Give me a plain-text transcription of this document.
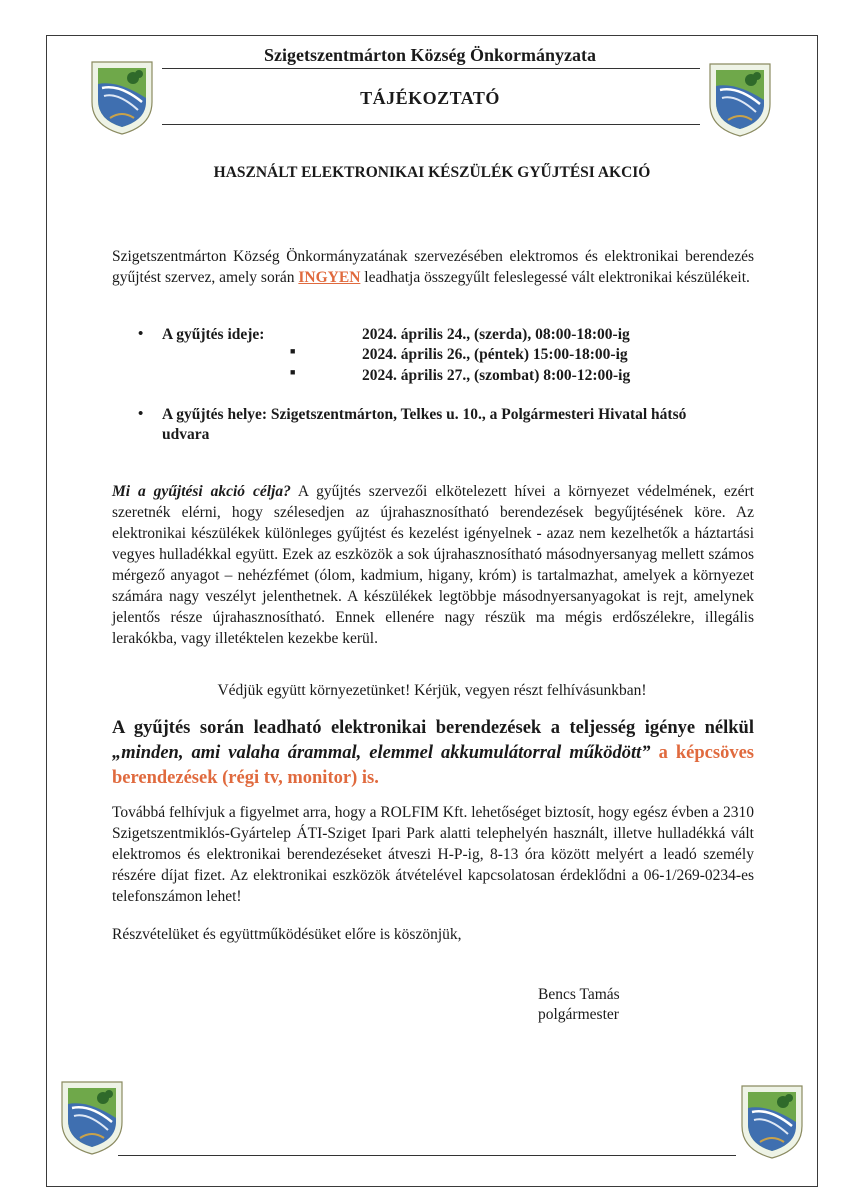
Szigetszentmárton Község Önkormányzata
TÁJÉKOZTATÓ
HASZNÁLT ELEKTRONIKAI KÉSZÜLÉK GYŰJTÉSI AKCIÓ

Szigetszentmárton Község Önkormányzatának szervezésében elektromos és elektronikai berendezés gyűjtést szervez, amely során INGYEN leadhatja összegyűlt feleslegessé vált elektronikai készülékeit.

• A gyűjtés ideje:	2024. április 24., (szerda), 08:00-18:00-ig
■	2024. április 26., (péntek) 15:00-18:00-ig
■	2024. április 27., (szombat) 8:00-12:00-ig
• A gyűjtés helye: Szigetszentmárton, Telkes u. 10., a Polgármesteri Hivatal hátsó
udvara

Mi a gyűjtési akció célja? A gyűjtés szervezői elkötelezett hívei a környezet védelmének, ezért szeretnék elérni, hogy szélesedjen az újrahasznosítható berendezések begyűjtésének köre. Az elektronikai készülékek különleges gyűjtést és kezelést igényelnek - azaz nem kezelhetők a háztartási vegyes hulladékkal együtt. Ezek az eszközök a sok újrahasznosítható másodnyersanyag mellett számos mérgező anyagot – nehézfémet (ólom, kadmium, higany, króm) is tartalmazhat, amelyek a környezet számára nagy veszélyt jelenthetnek. A készülékek legtöbbje másodnyersanyagokat is rejt, amelynek jelentős része újrahasznosítható. Ennek ellenére nagy részük ma mégis erdőszélekre, illegális lerakókba, vagy illetéktelen kezekbe kerül.

Védjük együtt környezetünket! Kérjük, vegyen részt felhívásunkban!

A gyűjtés során leadható elektronikai berendezések a teljesség igénye nélkül „minden, ami valaha árammal, elemmel akkumulátorral működött” a képcsöves berendezések (régi tv, monitor) is.

Továbbá felhívjuk a figyelmet arra, hogy a ROLFIM Kft. lehetőséget biztosít, hogy egész évben a 2310 Szigetszentmiklós-Gyártelep ÁTI-Sziget Ipari Park alatti telephelyén használt, illetve hulladékká vált elektromos és elektronikai berendezéseket átveszi H-P-ig, 8-13 óra között melyért a leadó személy részére díjat fizet. Az elektronikai eszközök átvételével kapcsolatosan érdeklődni a 06-1/269-0234-es telefonszámon lehet!

Részvételüket és együttműködésüket előre is köszönjük,
Bencs Tamás
polgármester
